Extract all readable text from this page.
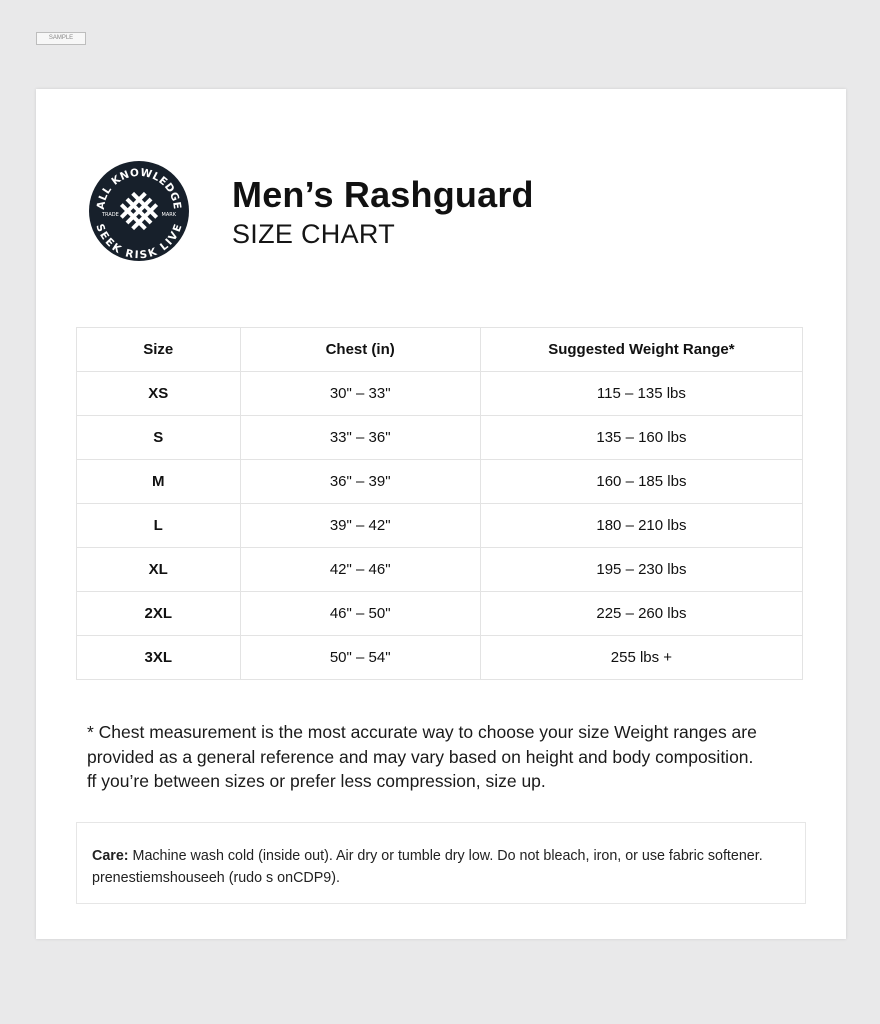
SAMPLE
ALL KNOWLEDGE
SEEK RISK LIVE
TRADE	MARK Men’s Rashguard
SIZE CHART
Size	Chest (in)	Suggested Weight Range*
XS	30" – 33"	115 – 135 lbs
S	33" – 36"	135 – 160 lbs
M	36" – 39"	160 – 185 lbs
L	39" – 42"	180 – 210 lbs
XL	42" – 46"	195 – 230 lbs
2XL	46" – 50"	225 – 260 lbs
3XL	50" – 54"	255 lbs +

* Chest measurement is the most accurate way to choose your size Weight ranges are

provided as a general reference and may vary based on height and body composition.

ff you’re between sizes or prefer less compression, size up.

Care: Machine wash cold (inside out). Air dry or tumble dry low. Do not bleach, iron, or use fabric softener.

prenestiemshouseeh (rudo s onCDP9).
